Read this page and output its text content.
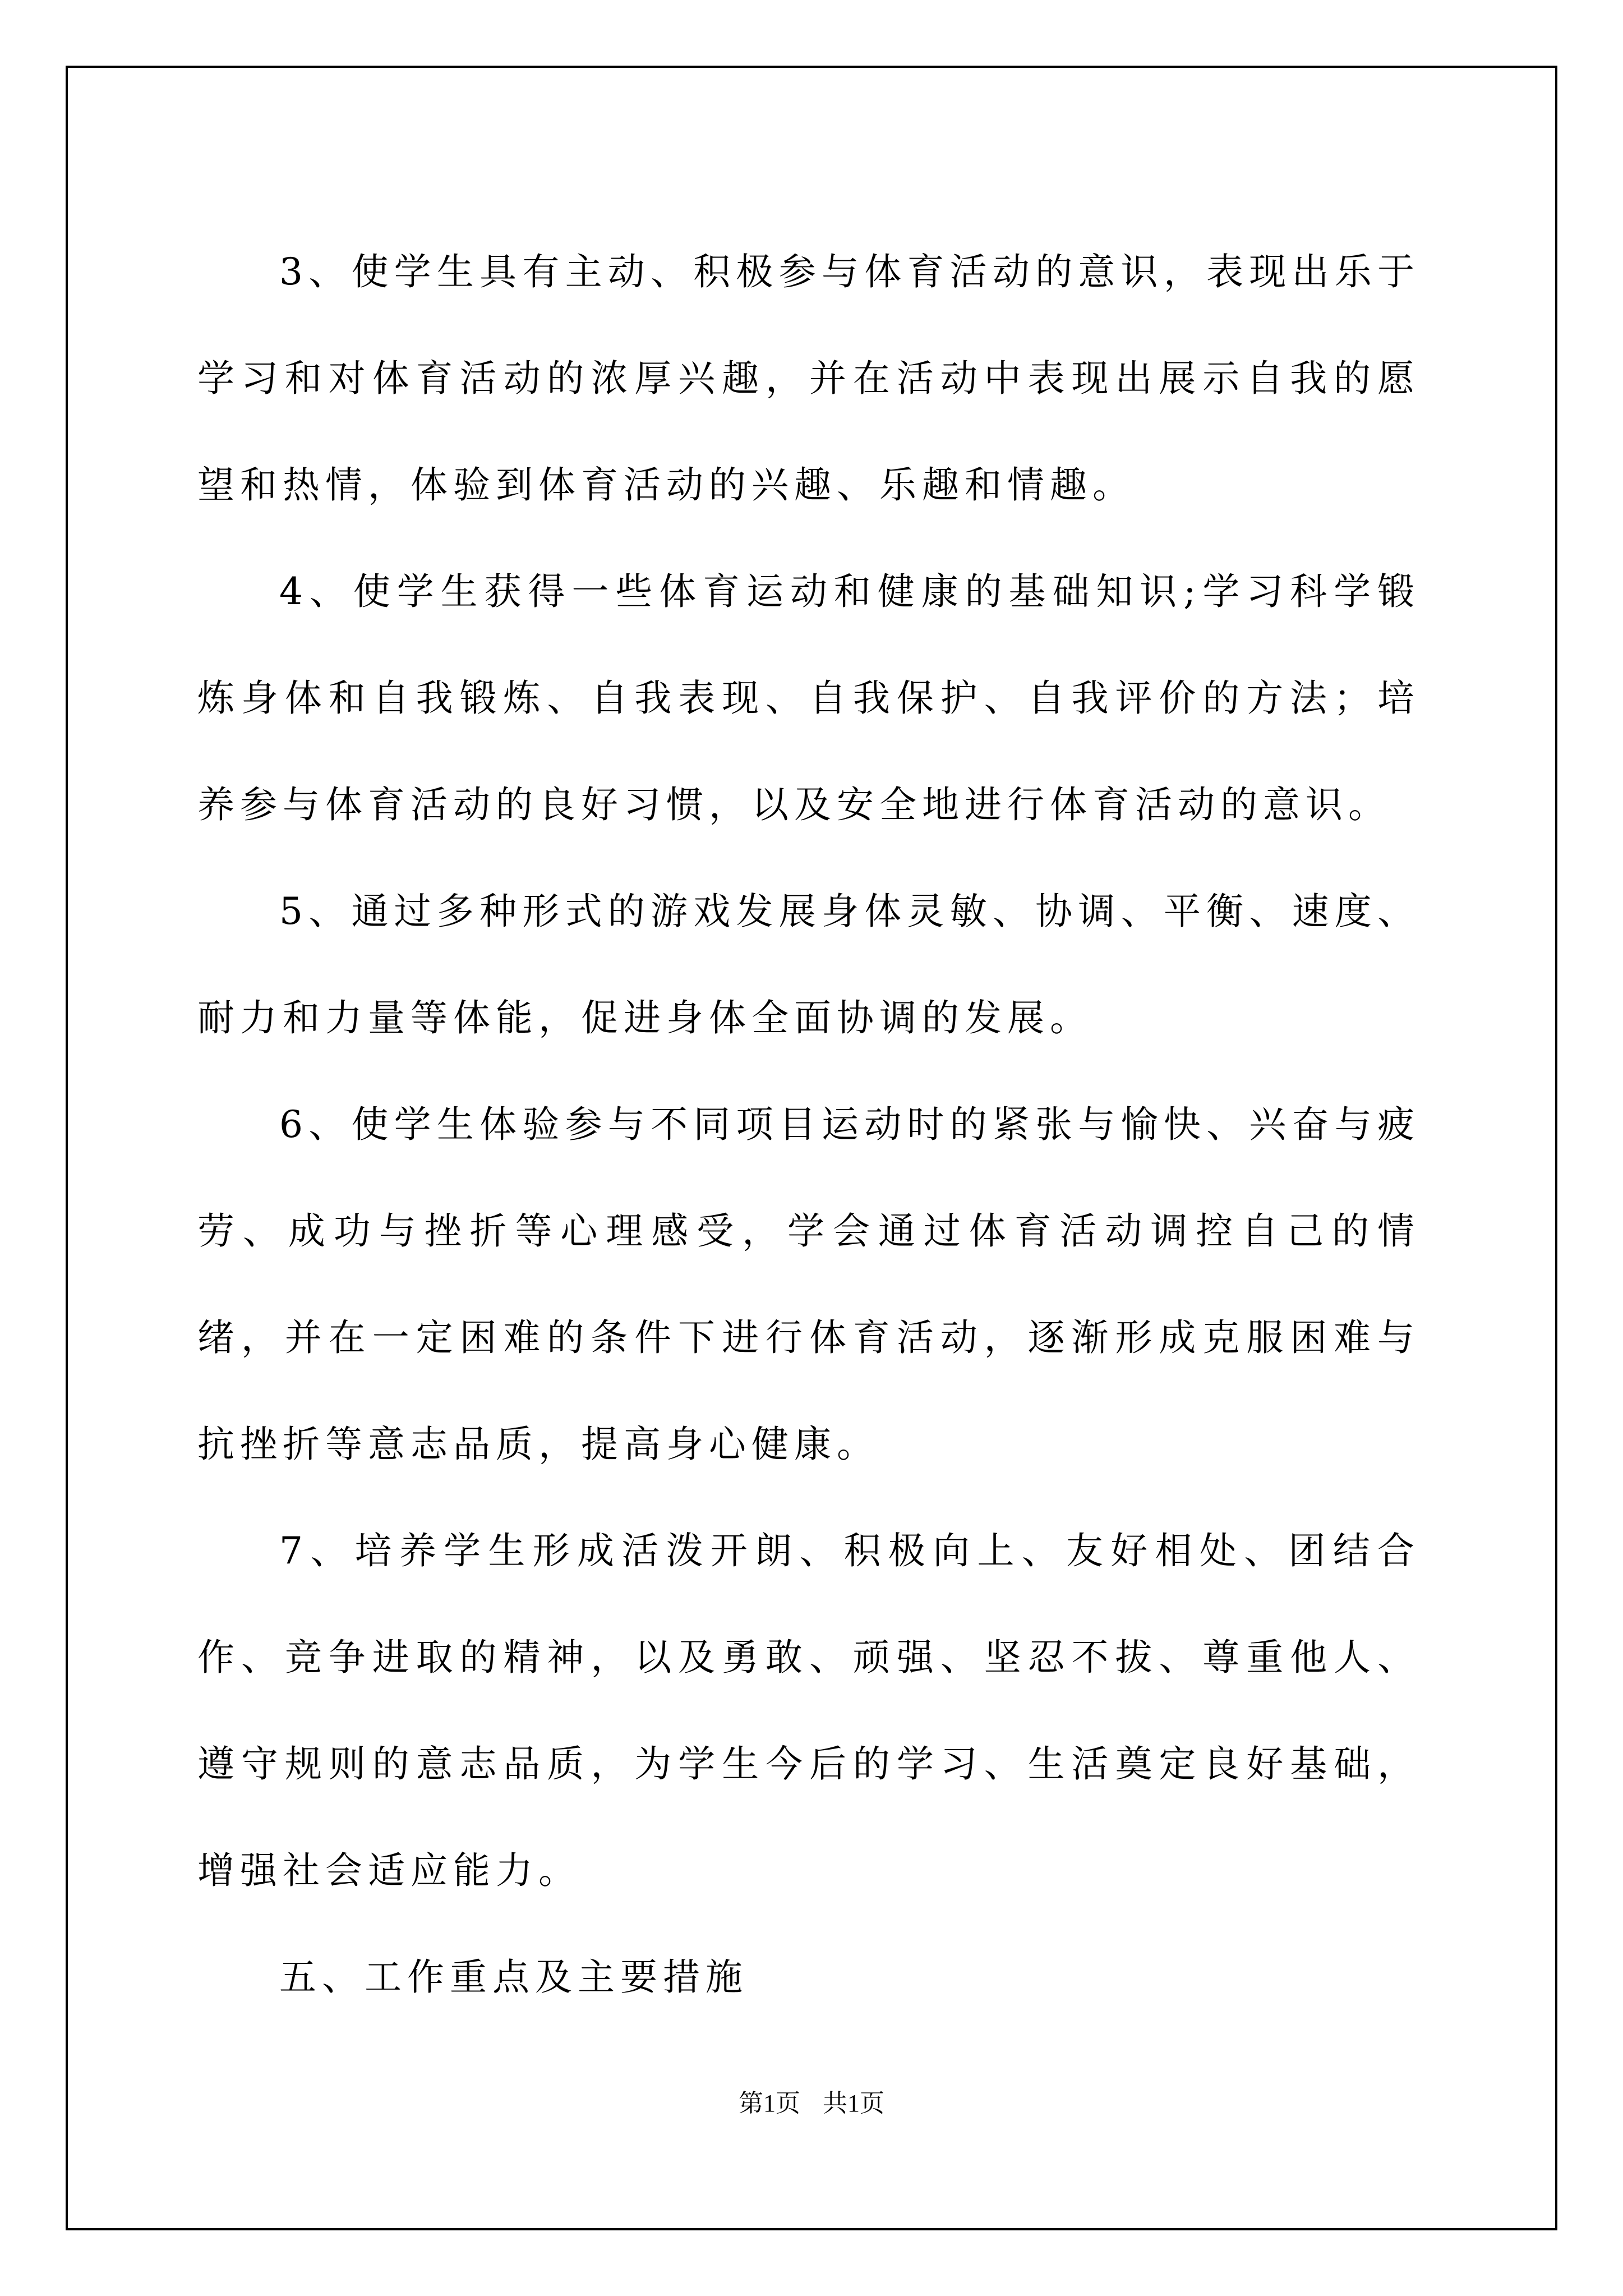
3、使学生具有主动、积极参与体育活动的意识，表现出乐于学习和对体育活动的浓厚兴趣，并在活动中表现出展示自我的愿望和热情，体验到体育活动的兴趣、乐趣和情趣。

4、使学生获得一些体育运动和健康的基础知识;学习科学锻炼身体和自我锻炼、自我表现、自我保护、自我评价的方法；培养参与体育活动的良好习惯，以及安全地进行体育活动的意识。

5、通过多种形式的游戏发展身体灵敏、协调、平衡、速度、耐力和力量等体能，促进身体全面协调的发展。

6、使学生体验参与不同项目运动时的紧张与愉快、兴奋与疲劳、成功与挫折等心理感受，学会通过体育活动调控自己的情绪，并在一定困难的条件下进行体育活动，逐渐形成克服困难与抗挫折等意志品质，提高身心健康。

7、培养学生形成活泼开朗、积极向上、友好相处、团结合作、竞争进取的精神，以及勇敢、顽强、坚忍不拔、尊重他人、遵守规则的意志品质，为学生今后的学习、生活奠定良好基础，增强社会适应能力。

五、工作重点及主要措施

第1页 共1页
